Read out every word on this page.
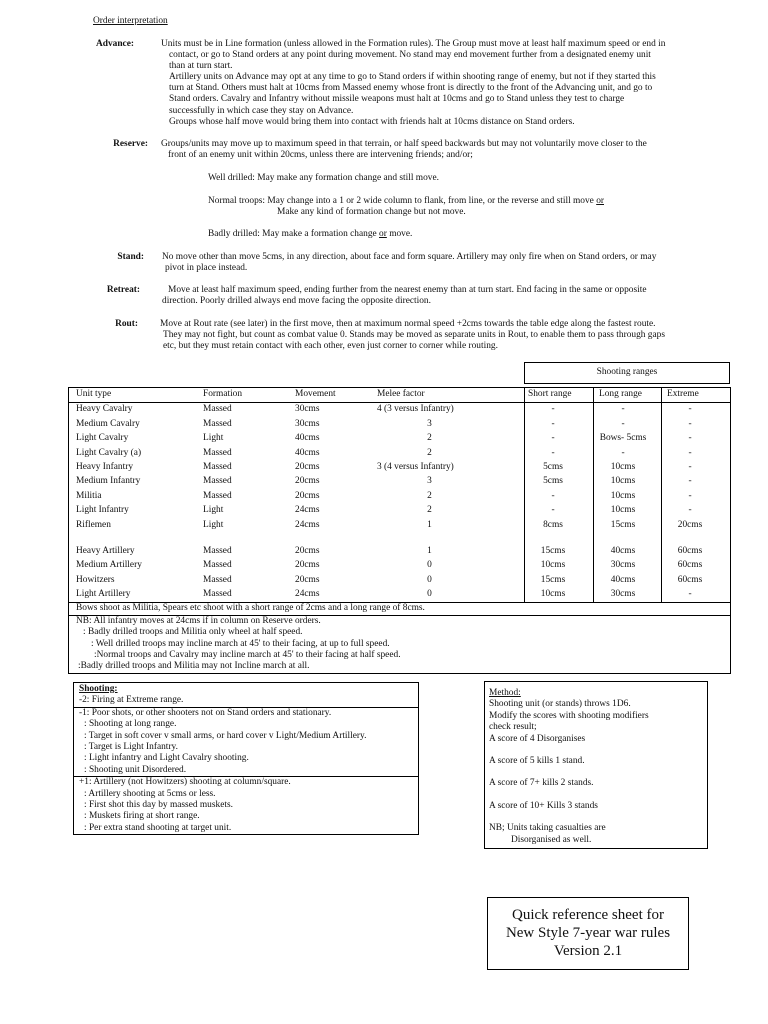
Order interpretation
Advance:	Units must be in Line formation (unless allowed in the Formation rules). The Group must move at least half maximum speed or end in
contact, or go to Stand orders at any point during movement. No stand may end movement further from a designated enemy unit
than at turn start.
Artillery units on Advance may opt at any time to go to Stand orders if within shooting range of enemy, but not if they started this
turn at Stand. Others must halt at 10cms from Massed enemy whose front is directly to the front of the Advancing unit, and go to
Stand orders. Cavalry and Infantry without missile weapons must halt at 10cms and go to Stand unless they test to charge
successfully in which case they stay on Advance.
Groups whose half move would bring them into contact with friends halt at 10cms distance on Stand orders.
Reserve: Groups/units may move up to maximum speed in that terrain, or half speed backwards but may not voluntarily move closer to the
front of an enemy unit within 20cms, unless there are intervening friends; and/or;
Well drilled: May make any formation change and still move.
Normal troops: May change into a 1 or 2 wide column to flank, from line, or the reverse and still move or
Make any kind of formation change but not move.
Badly drilled: May make a formation change or move.
Stand: No move other than move 5cms, in any direction, about face and form square. Artillery may only fire when on Stand orders, or may
pivot in place instead.
Retreat:	Move at least half maximum speed, ending further from the nearest enemy than at turn start. End facing in the same or opposite
direction. Poorly drilled always end move facing the opposite direction.
Rout: Move at Rout rate (see later) in the first move, then at maximum normal speed +2cms towards the table edge along the fastest route.
They may not fight, but count as combat value 0. Stands may be moved as separate units in Rout, to enable them to pass through gaps
etc, but they must retain contact with each other, even just corner to corner while routing.
Shooting ranges
Unit type	Formation	Movement	Melee factor	Short range	Long range	Extreme
Heavy Cavalry	Massed	30cms	4 (3 versus Infantry)	-	-	-
Medium Cavalry	Massed	30cms	3	-	-	-
Light Cavalry	Light	40cms	2	-	Bows- 5cms	-
Light Cavalry (a)	Massed	40cms	2	-	-	-
Heavy Infantry	Massed	20cms	3 (4 versus Infantry)	5cms	10cms	-
Medium Infantry	Massed	20cms	3	5cms	10cms	-
Militia	Massed	20cms	2	-	10cms	-
Light Infantry	Light	24cms	2	-	10cms	-
Riflemen	Light	24cms	1	8cms	15cms	20cms
Heavy Artillery	Massed	20cms	1	15cms	40cms	60cms
Medium Artillery	Massed	20cms	0	10cms	30cms	60cms
Howitzers	Massed	20cms	0	15cms	40cms	60cms
Light Artillery	Massed	24cms	0	10cms	30cms	-
Bows shoot as Militia, Spears etc shoot with a short range of 2cms and a long range of 8cms.
NB: All infantry moves at 24cms if in column on Reserve orders.
: Badly drilled troops and Militia only wheel at half speed.
: Well drilled troops may incline march at 45' to their facing, at up to full speed.
:Normal troops and Cavalry may incline march at 45' to their facing at half speed.
:Badly drilled troops and Militia may not Incline march at all.
Shooting:
-2: Firing at Extreme range.
-1: Poor shots, or other shooters not on Stand orders and stationary.
: Shooting at long range.
: Target in soft cover v small arms, or hard cover v Light/Medium Artillery.
: Target is Light Infantry.
: Light infantry and Light Cavalry shooting.
: Shooting unit Disordered.
+1: Artillery (not Howitzers) shooting at column/square.
: Artillery shooting at 5cms or less.
: First shot this day by massed muskets.
: Muskets firing at short range.
: Per extra stand shooting at target unit.
Method:
Shooting unit (or stands) throws 1D6.
Modify the scores with shooting modifiers
check result;
A score of 4 Disorganises
A score of 5 kills 1 stand.
A score of 7+ kills 2 stands.
A score of 10+ Kills 3 stands
NB; Units taking casualties are
Disorganised as well.
Quick reference sheet for
New Style 7-year war rules
Version 2.1
